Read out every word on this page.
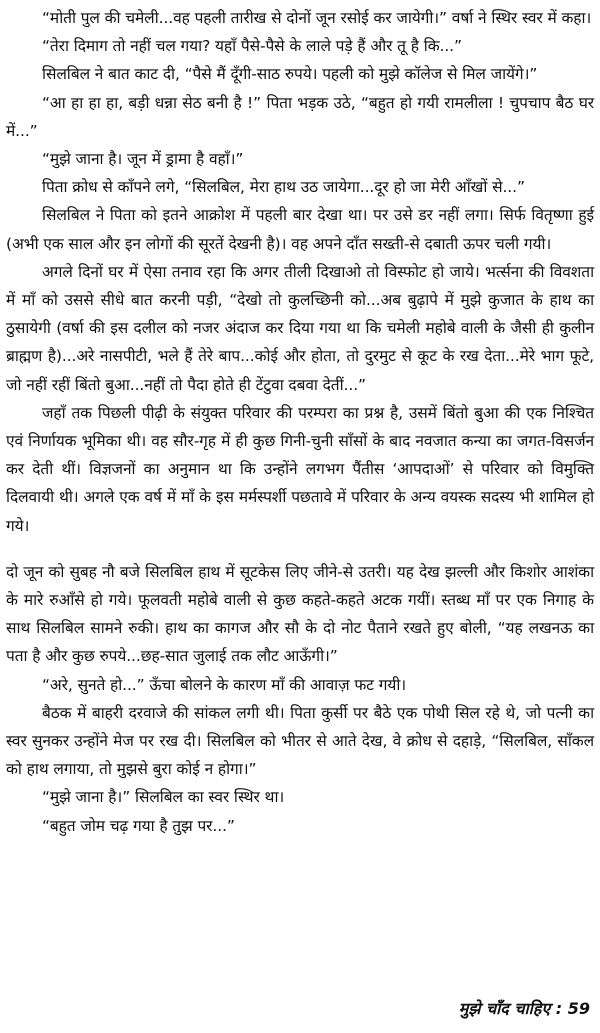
“मोती पुल की चमेली...वह पहली तारीख से दोनों जून रसोई कर जायेगी।” वर्षा ने स्थिर स्वर में कहा।

“तेरा दिमाग तो नहीं चल गया? यहाँ पैसे-पैसे के लाले पड़े हैं और तू है कि...”

सिलबिल ने बात काट दी, “पैसे मैं दूँगी-साठ रुपये। पहली को मुझे कॉलेज से मिल जायेंगे।”

“आ हा हा हा, बड़ी धन्ना सेठ बनी है !” पिता भड़क उठे, “बहुत हो गयी रामलीला ! चुपचाप बैठ घर में...”

“मुझे जाना है। जून में ड्रामा है वहाँ।”

पिता क्रोध से काँपने लगे, “सिलबिल, मेरा हाथ उठ जायेगा...दूर हो जा मेरी आँखों से...”

सिलबिल ने पिता को इतने आक्रोश में पहली बार देखा था। पर उसे डर नहीं लगा। सिर्फ वितृष्णा हुई (अभी एक साल और इन लोगों की सूरतें देखनी है)। वह अपने दाँत सख्ती-से दबाती ऊपर चली गयी।

अगले दिनों घर में ऐसा तनाव रहा कि अगर तीली दिखाओ तो विस्फोट हो जाये। भर्त्सना की विवशता में माँ को उससे सीधे बात करनी पड़ी, “देखो तो कुलच्छिनी को...अब बुढ़ापे में मुझे कुजात के हाथ का ठुसायेगी (वर्षा की इस दलील को नजर अंदाज कर दिया गया था कि चमेली महोबे वाली के जैसी ही कुलीन ब्राह्मण है)...अरे नासपीटी, भले हैं तेरे बाप...कोई और होता, तो दुरमुट से कूट के रख देता...मेरे भाग फूटे, जो नहीं रहीं बिंतो बुआ...नहीं तो पैदा होते ही टेंटुवा दबवा देतीं...”

जहाँ तक पिछली पीढ़ी के संयुक्त परिवार की परम्परा का प्रश्न है, उसमें बिंतो बुआ की एक निश्चित एवं निर्णायक भूमिका थी। वह सौर-गृह में ही कुछ गिनी-चुनी साँसों के बाद नवजात कन्या का जगत-विसर्जन कर देती थीं। विज्ञजनों का अनुमान था कि उन्होंने लगभग पैंतीस ‘आपदाओं’ से परिवार को विमुक्ति दिलवायी थी। अगले एक वर्ष में माँ के इस मर्मस्पर्शी पछतावे में परिवार के अन्य वयस्क सदस्य भी शामिल हो गये।

दो जून को सुबह नौ बजे सिलबिल हाथ में सूटकेस लिए जीने-से उतरी। यह देख झल्ली और किशोर आशंका के मारे रुआँसे हो गये। फूलवती महोबे वाली से कुछ कहते-कहते अटक गयीं। स्तब्ध माँ पर एक निगाह के साथ सिलबिल सामने रुकी। हाथ का कागज और सौ के दो नोट पैताने रखते हुए बोली, “यह लखनऊ का पता है और कुछ रुपये...छह-सात जुलाई तक लौट आऊँगी।”

“अरे, सुनते हो...” ऊँचा बोलने के कारण माँ की आवाज़ फट गयी।

बैठक में बाहरी दरवाजे की सांकल लगी थी। पिता कुर्सी पर बैठे एक पोथी सिल रहे थे, जो पत्नी का स्वर सुनकर उन्होंने मेज पर रख दी। सिलबिल को भीतर से आते देख, वे क्रोध से दहाड़े, “सिलबिल, साँकल को हाथ लगाया, तो मुझसे बुरा कोई न होगा।”

“मुझे जाना है।” सिलबिल का स्वर स्थिर था।

“बहुत जोम चढ़ गया है तुझ पर...”

मुझे चाँद चाहिए : 59
